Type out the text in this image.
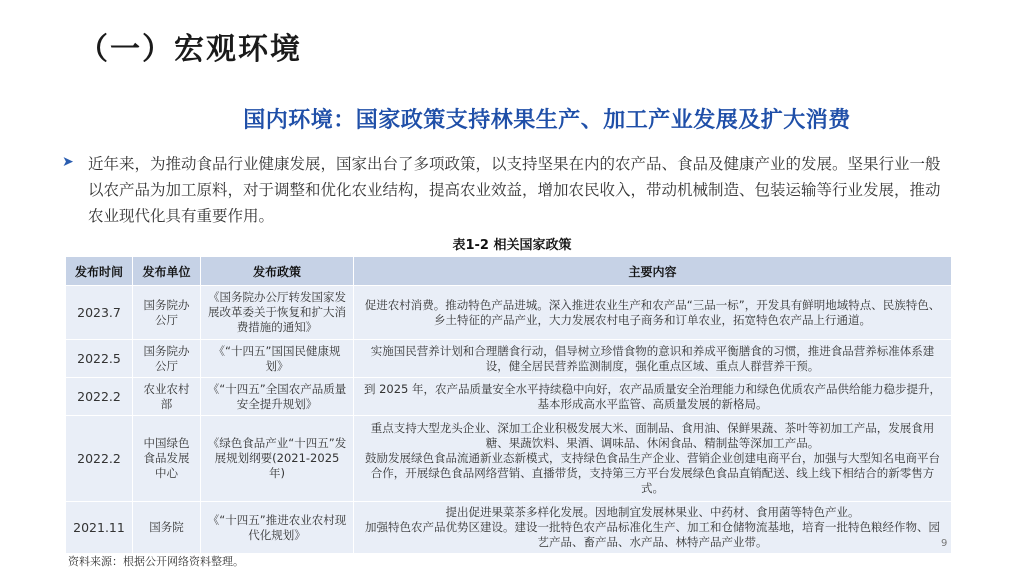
（一）宏观环境
国内环境：国家政策支持林果生产、加工产业发展及扩大消费
➤ 近年来，为推动食品行业健康发展，国家出台了多项政策，以支持坚果在内的农产品、食品及健康产业的发展。坚果行业一般以农产品为加工原料，对于调整和优化农业结构，提高农业效益，增加农民收入，带动机械制造、包装运输等行业发展，推动农业现代化具有重要作用。
表1-2 相关国家政策
发布时间	发布单位	发布政策	主要内容
2023.7	国务院办公厅	《国务院办公厅转发国家发展改革委关于恢复和扩大消费措施的通知》	促进农村消费。推动特色产品进城。深入推进农业生产和农产品“三品一标”，开发具有鲜明地域特点、民族特色、乡土特征的产品产业，大力发展农村电子商务和订单农业，拓宽特色农产品上行通道。

2022.5	国务院办公厅	《“十四五”国国民健康规划》	实施国民营养计划和合理膳食行动，倡导树立珍惜食物的意识和养成平衡膳食的习惯，推进食品营养标准体系建设，健全居民营养监测制度，强化重点区域、重点人群营养干预。

2022.2	农业农村部	《“十四五”全国农产品质量安全提升规划》	到 2025 年，农产品质量安全水平持续稳中向好，农产品质量安全治理能力和绿色优质农产品供给能力稳步提升，基本形成高水平监管、高质量发展的新格局。

2022.2	中国绿色食品发展中心	《绿色食品产业“十四五”发展规划纲要(2021-2025年)	重点支持大型龙头企业、深加工企业积极发展大米、面制品、食用油、保鲜果蔬、茶叶等初加工产品，发展食用糖、果蔬饮料、果酒、调味品、休闲食品、精制盐等深加工产品。
鼓励发展绿色食品流通新业态新模式，支持绿色食品生产企业、营销企业创建电商平台，加强与大型知名电商平台合作，开展绿色食品网络营销、直播带货，支持第三方平台发展绿色食品直销配送、线上线下相结合的新零售方式。

2021.11	国务院	《“十四五”推进农业农村现代化规划》	提出促进果菜茶多样化发展。因地制宜发展林果业、中药材、食用菌等特色产业。
加强特色农产品优势区建设。建设一批特色农产品标准化生产、加工和仓储物流基地，培育一批特色粮经作物、园艺产品、畜产品、水产品、林特产品产业带。	9
资料来源：根据公开网络资料整理。
